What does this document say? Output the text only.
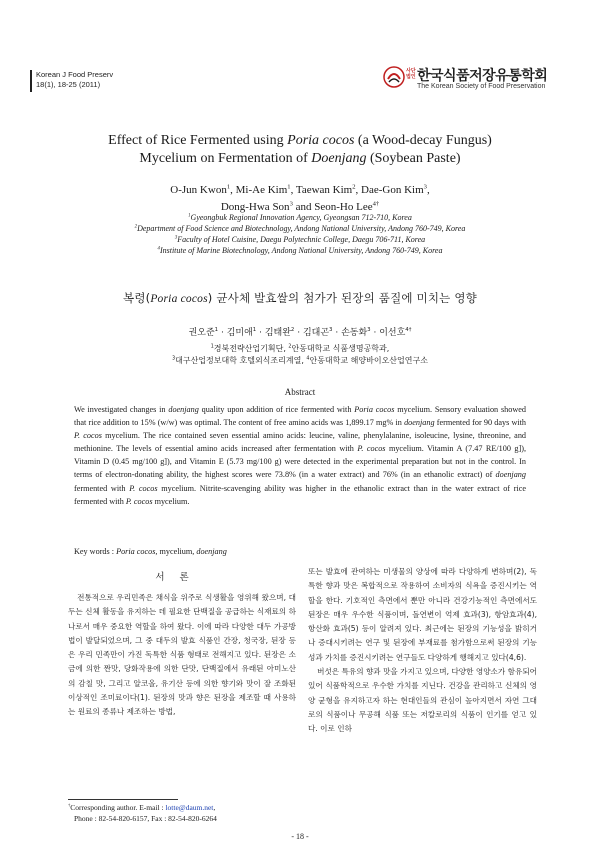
Korean J Food Preserv
18(1), 18-25 (2011)
사단
법인 한국식품저장유통학회
The Korean Society of Food Preservation
Effect of Rice Fermented using Poria cocos (a Wood-decay Fungus)
Mycelium on Fermentation of Doenjang (Soybean Paste)
O-Jun Kwon$^1$, Mi-Ae Kim$^1$, Taewan Kim$^2$, Dae-Gon Kim$^3$,
Dong-Hwa Son$^3$ and Seon-Ho Lee$^{4\dagger}$
$^1$Gyeongbuk Regional Innovation Agency, Gyeongsan 712-710, Korea
$^2$Department of Food Science and Biotechnology, Andong National University, Andong 760-749, Korea
$^3$Faculty of Hotel Cuisine, Daegu Polytechnic College, Daegu 706-711, Korea
$^4$Institute of Marine Biotechnology, Andong National University, Andong 760-749, Korea
복령(Poria cocos) 균사체 발효쌀의 첨가가 된장의 품질에 미치는 영향
권오준$^1$ · 김미애$^1$ · 김태완$^2$ · 김대곤$^3$ · 손동화$^3$ · 이선호$^{4\dagger}$
$^1$경북전략산업기획단, $^2$안동대학교 식품생명공학과,
$^3$대구산업정보대학 호텔외식조리계열, $^4$안동대학교 해양바이오산업연구소
Abstract
We investigated changes in doenjang quality upon addition of rice fermented with Poria cocos mycelium. Sensory evaluation showed that rice addition to 15% (w/w) was optimal. The content of free amino acids was 1,899.17 mg% in doenjang fermented for 90 days with P. cocos mycelium. The rice contained seven essential amino acids: leucine, valine, phenylalanine, isoleucine, lysine, threonine, and methionine. The levels of essential amino acids increased after fermentation with P. cocos mycelium. Vitamin A (7.47 RE/100 g]), Vitamin D (0.45 mg/100 g]), and Vitamin E (5.73 mg/100 g) were detected in the experimental preparation but not in the control. In terms of electron-donating ability, the highest scores were 73.8% (in a water extract) and 76% (in an ethanolic extract) of doenjang fermented with P. cocos mycelium. Nitrite-scavenging ability was higher in the ethanolic extract than in the water extract of rice fermented with P. cocos mycelium.
Key words : Poria cocos, mycelium, doenjang
서 론

전통적으로 우리민족은 채식을 위주로 식생활을 영위해 왔으며, 대두는 신체 활동을 유지하는 데 필요한 단백질을 공급하는 식재료의 하나로서 매우 중요한 역할을 하여 왔다. 이에 따라 다양한 대두 가공방법이 발달되었으며, 그 중 대두의 발효 식품인 간장, 청국장, 된장 등은 우리 민족만이 가진 독특한 식품 형태로 전해지고 있다. 된장은 소금에 의한 짠맛, 당화작용에 의한 단맛, 단백질에서 유래된 아미노산의 감칠 맛, 그리고 알코올, 유기산 등에 의한 향기와 맛이 잘 조화된 이상적인 조미료이다(1). 된장의 맛과 향은 된장을 제조할 때 사용하는 원료의 종류나 제조하는 방법,

또는 발효에 관여하는 미생물의 양상에 따라 다양하게 변하며(2), 독특한 향과 맛은 복합적으로 작용하여 소비자의 식욕을 증진시키는 역할을 한다. 기호적인 측면에서 뿐만 아니라 건강기능적인 측면에서도 된장은 매우 우수한 식품이며, 돌연변이 억제 효과(3), 항암효과(4), 항산화 효과(5) 등이 알려져 있다. 최근에는 된장의 기능성을 밝히거나 증대시키려는 연구 및 된장에 부재료를 첨가함으로써 된장의 기능성과 가치를 증진시키려는 연구들도 다양하게 행해지고 있다(4,6).

버섯은 특유의 향과 맛을 가지고 있으며, 다양한 영양소가 함유되어 있어 식품학적으로 우수한 가치를 지닌다. 건강을 관리하고 신체의 영양 균형을 유지하고자 하는 현대인들의 관심이 높아지면서 자연 그대로의 식품이나 무공해 식품 또는 저칼로리의 식품이 인기를 얻고 있다. 이로 인하

†Corresponding author. E-mail : lotte@daum.net,
Phone : 82-54-820-6157, Fax : 82-54-820-6264
- 18 -
